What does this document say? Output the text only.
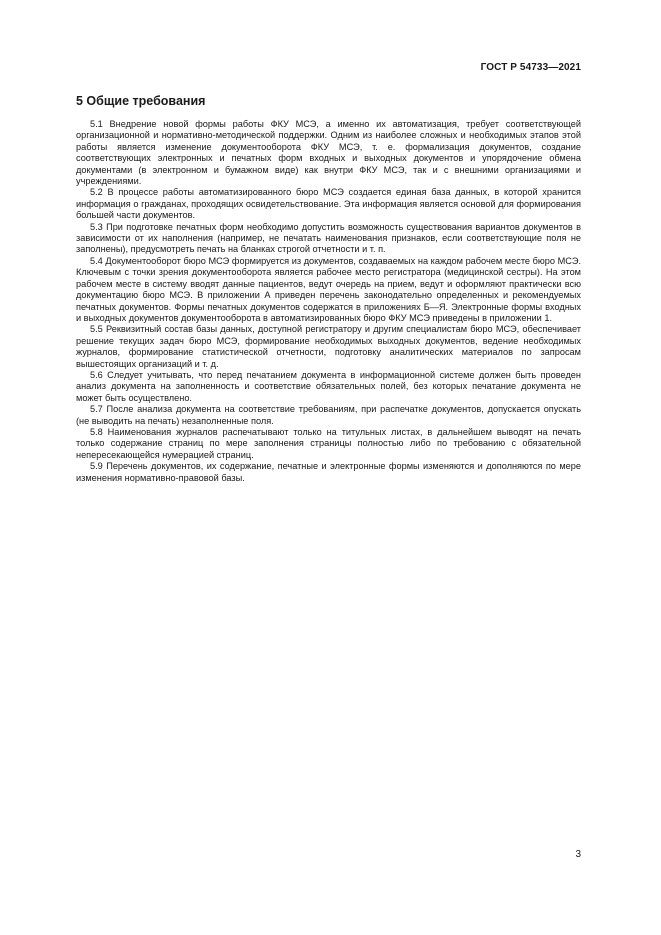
ГОСТ Р 54733—2021
5 Общие требования

5.1 Внедрение новой формы работы ФКУ МСЭ, а именно их автоматизация, требует соответствующей организационной и нормативно-методической поддержки. Одним из наиболее сложных и необходимых этапов этой работы является изменение документооборота ФКУ МСЭ, т. е. формализация документов, создание соответствующих электронных и печатных форм входных и выходных документов и упорядочение обмена документами (в электронном и бумажном виде) как внутри ФКУ МСЭ, так и с внешними организациями и учреждениями.

5.2 В процессе работы автоматизированного бюро МСЭ создается единая база данных, в которой хранится информация о гражданах, проходящих освидетельствование. Эта информация является основой для формирования большей части документов.

5.3 При подготовке печатных форм необходимо допустить возможность существования вариантов документов в зависимости от их наполнения (например, не печатать наименования признаков, если соответствующие поля не заполнены), предусмотреть печать на бланках строгой отчетности и т. п.

5.4 Документооборот бюро МСЭ формируется из документов, создаваемых на каждом рабочем месте бюро МСЭ. Ключевым с точки зрения документооборота является рабочее место регистратора (медицинской сестры). На этом рабочем месте в систему вводят данные пациентов, ведут очередь на прием, ведут и оформляют практически всю документацию бюро МСЭ. В приложении А приведен перечень законодательно определенных и рекомендуемых печатных документов. Формы печатных документов содержатся в приложениях Б—Я. Электронные формы входных и выходных документов документооборота в автоматизированных бюро ФКУ МСЭ приведены в приложении 1.

5.5 Реквизитный состав базы данных, доступной регистратору и другим специалистам бюро МСЭ, обеспечивает решение текущих задач бюро МСЭ, формирование необходимых выходных документов, ведение необходимых журналов, формирование статистической отчетности, подготовку аналитических материалов по запросам вышестоящих организаций и т. д.

5.6 Следует учитывать, что перед печатанием документа в информационной системе должен быть проведен анализ документа на заполненность и соответствие обязательных полей, без которых печатание документа не может быть осуществлено.

5.7 После анализа документа на соответствие требованиям, при распечатке документов, допускается опускать (не выводить на печать) незаполненные поля.

5.8 Наименования журналов распечатывают только на титульных листах, в дальнейшем выводят на печать только содержание страниц по мере заполнения страницы полностью либо по требованию с обязательной непересекающейся нумерацией страниц.

5.9 Перечень документов, их содержание, печатные и электронные формы изменяются и дополняются по мере изменения нормативно-правовой базы.

3
